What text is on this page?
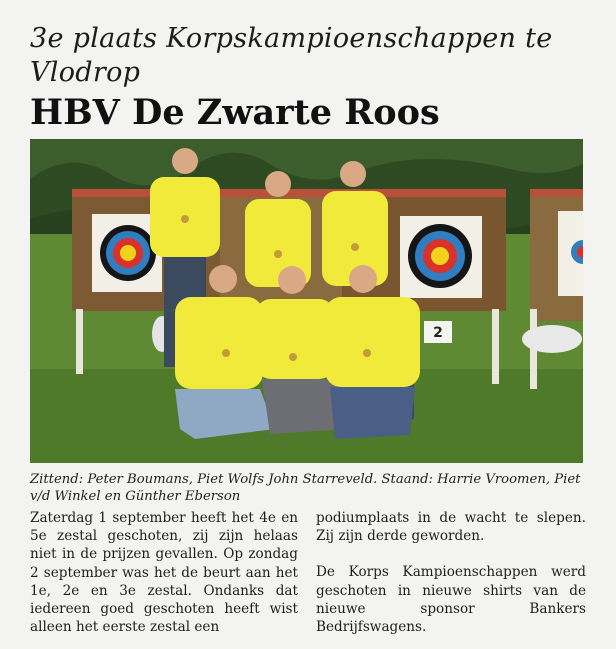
3e plaats Korpskampioenschappen te Vlodrop
HBV De Zwarte Roos
2
Zittend: Peter Boumans, Piet Wolfs John Starreveld. Staand: Harrie Vroomen, Piet v/d Winkel en Günther Eberson

Zaterdag 1 september heeft het 4e en 5e zestal geschoten, zij zijn helaas niet in de prijzen gevallen. Op zondag 2 september was het de beurt aan het 1e, 2e en 3e zestal. Ondanks dat iedereen goed geschoten heeft wist alleen het eerste zestal een

podiumplaats in de wacht te slepen. Zij zijn derde geworden.

De Korps Kampioenschappen werd geschoten in nieuwe shirts van de nieuwe sponsor Bankers Bedrijfswagens.
